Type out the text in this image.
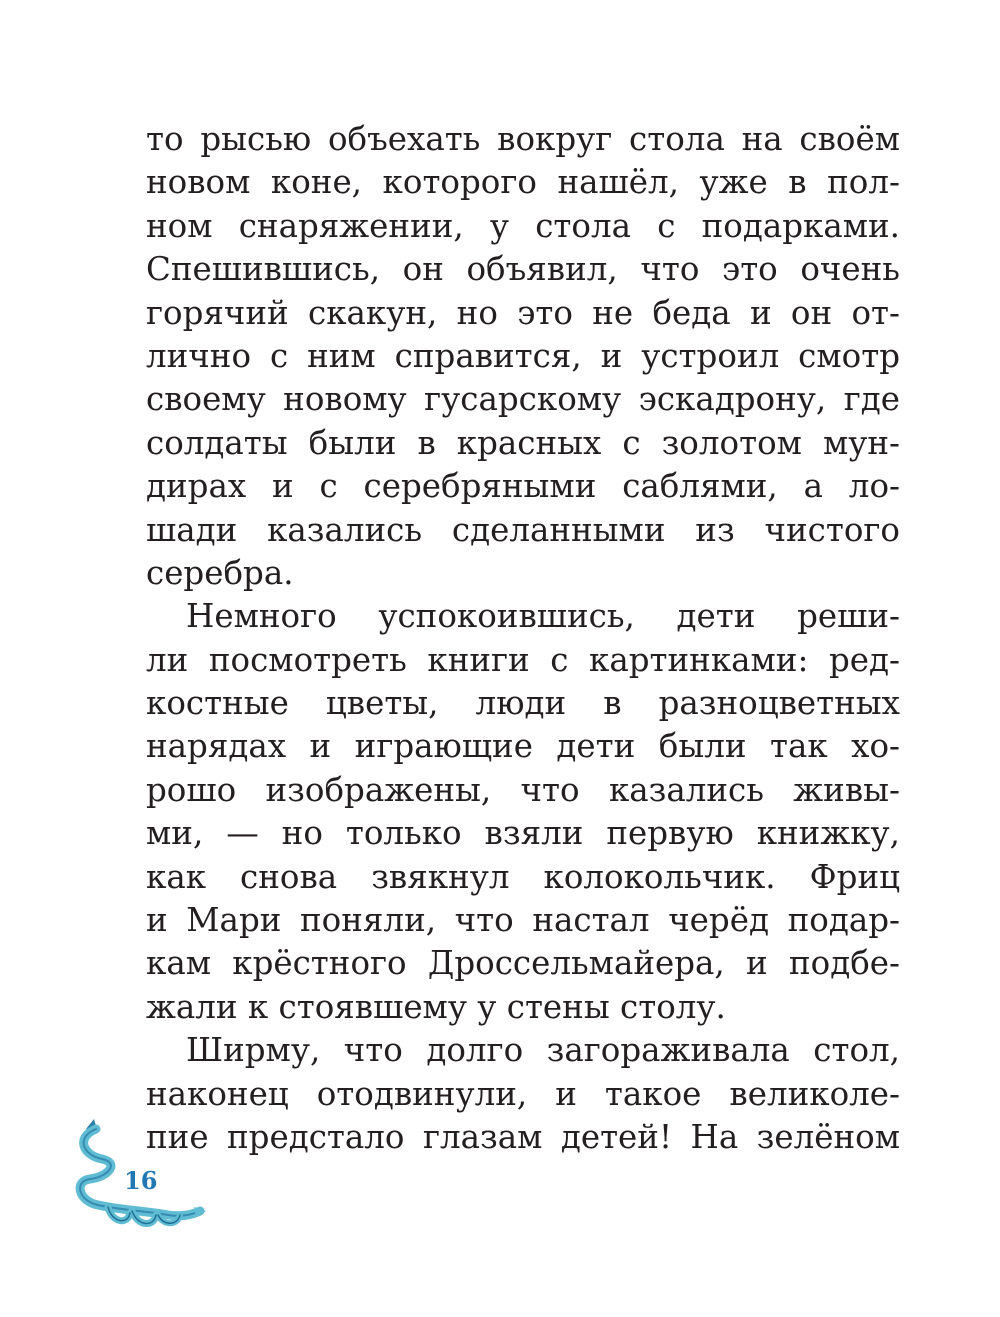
то рысью объехать вокруг стола на своём
новом коне, которого нашёл, уже в пол-
ном снаряжении, у стола с подарками.
Спешившись, он объявил, что это очень
горячий скакун, но это не беда и он от-
лично с ним справится, и устроил смотр
своему новому гусарскому эскадрону, где
солдаты были в красных с золотом мун-
дирах и с серебряными саблями, а ло-
шади казались сделанными из чистого
серебра.
Немного успокоившись, дети реши-
ли посмотреть книги с картинками: ред-
костные цветы, люди в разноцветных
нарядах и играющие дети были так хо-
рошо изображены, что казались живы-
ми, — но только взяли первую книжку,
как снова звякнул колокольчик. Фриц
и Мари поняли, что настал черёд подар-
кам крёстного Дроссельмайера, и подбе-
жали к стоявшему у стены столу.
Ширму, что долго загораживала стол,
наконец отодвинули, и такое великоле-
пие предстало глазам детей! На зелёном
16
